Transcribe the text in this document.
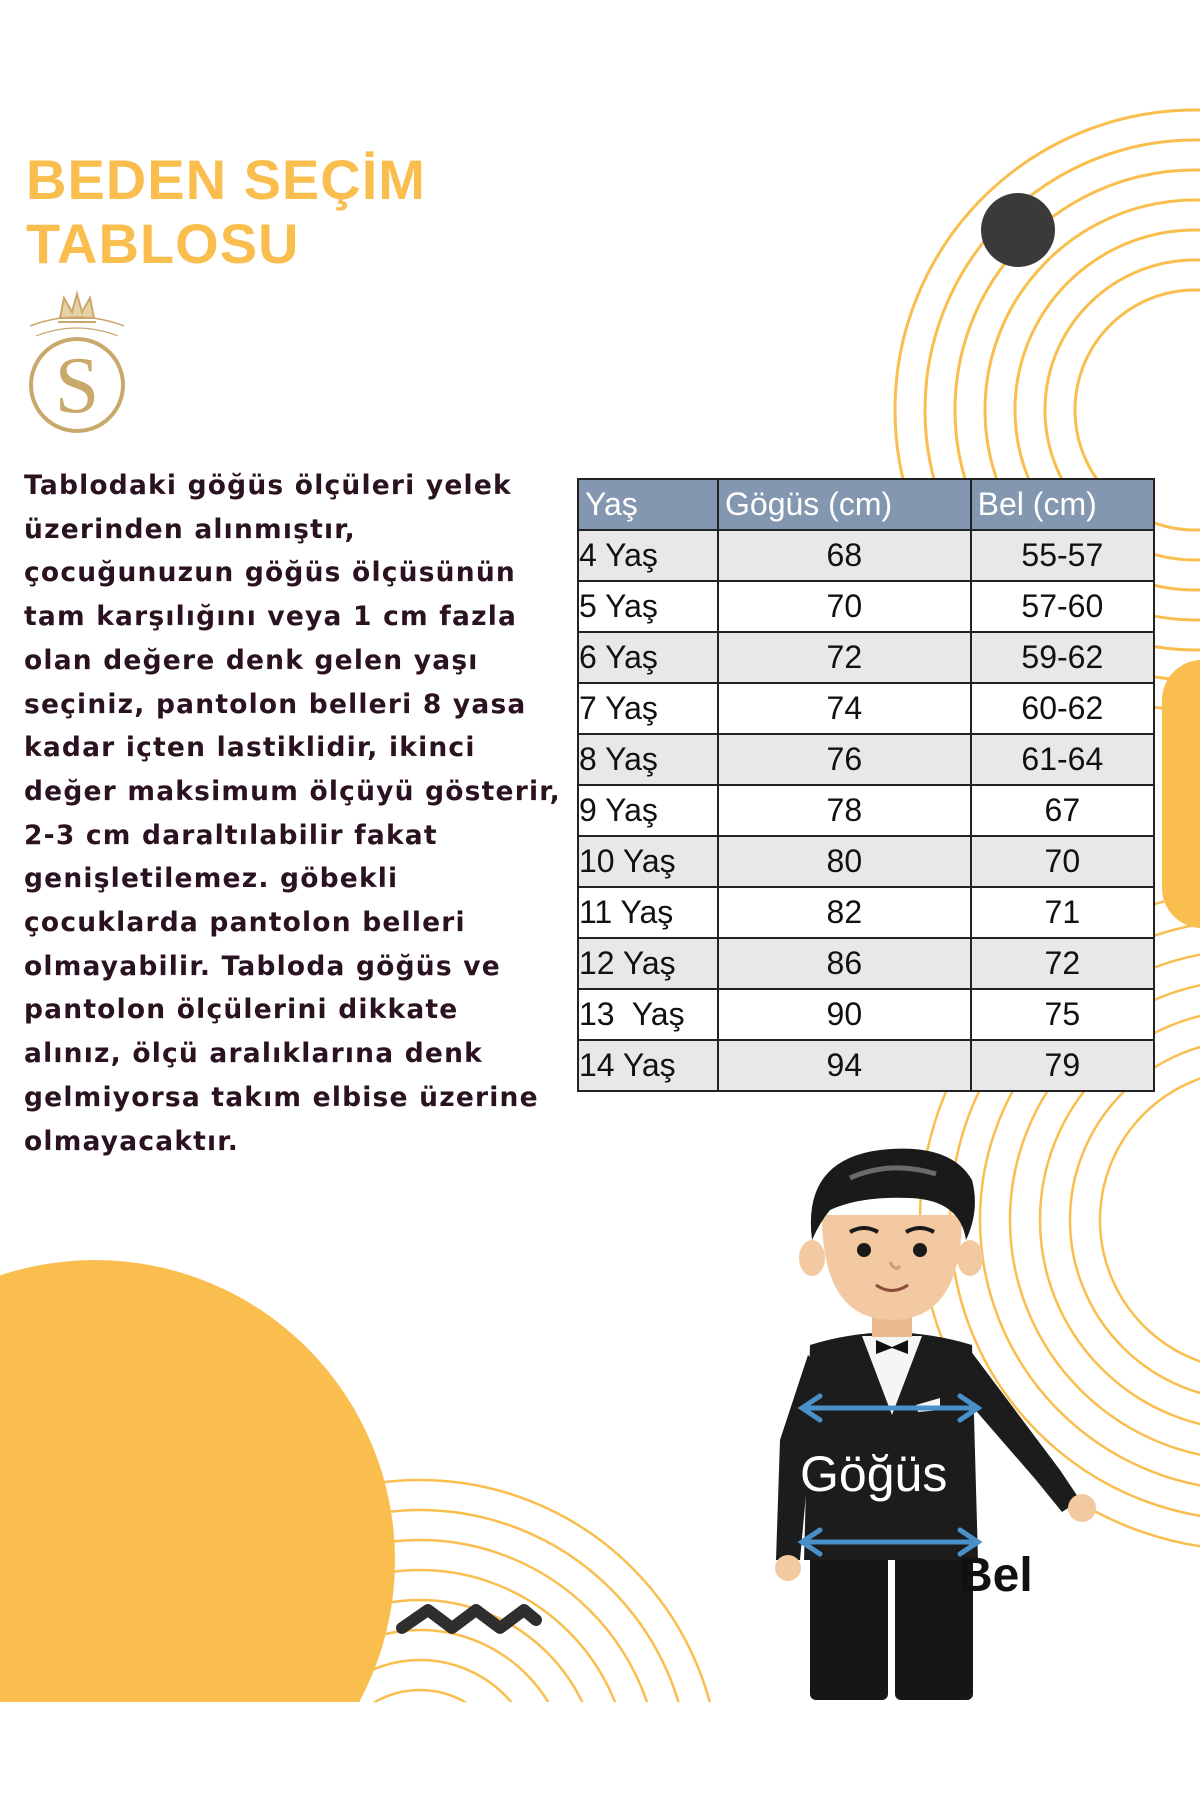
BEDEN SEÇİM
TABLOSU
S
Tablodaki göğüs ölçüleri yelek üzerinden alınmıştır, çocuğunuzun göğüs ölçüsünün tam karşılığını veya 1 cm fazla olan değere denk gelen yaşı seçiniz, pantolon belleri 8 yasa kadar içten lastiklidir, ikinci değer maksimum ölçüyü gösterir, 2-3 cm daraltılabilir fakat genişletilemez. göbekli çocuklarda pantolon belleri olmayabilir. Tabloda göğüs ve pantolon ölçülerini dikkate alınız, ölçü aralıklarına denk gelmiyorsa takım elbise üzerine olmayacaktır.
Yaş	Gögüs (cm)	Bel (cm)
4 Yaş	68	55-57
5 Yaş	70	57-60
6 Yaş	72	59-62
7 Yaş	74	60-62
8 Yaş	76	61-64
9 Yaş	78	67
10 Yaş	80	70
11 Yaş	82	71
12 Yaş	86	72
13  Yaş	90	75
14 Yaş	94	79
Göğüs
Bel
